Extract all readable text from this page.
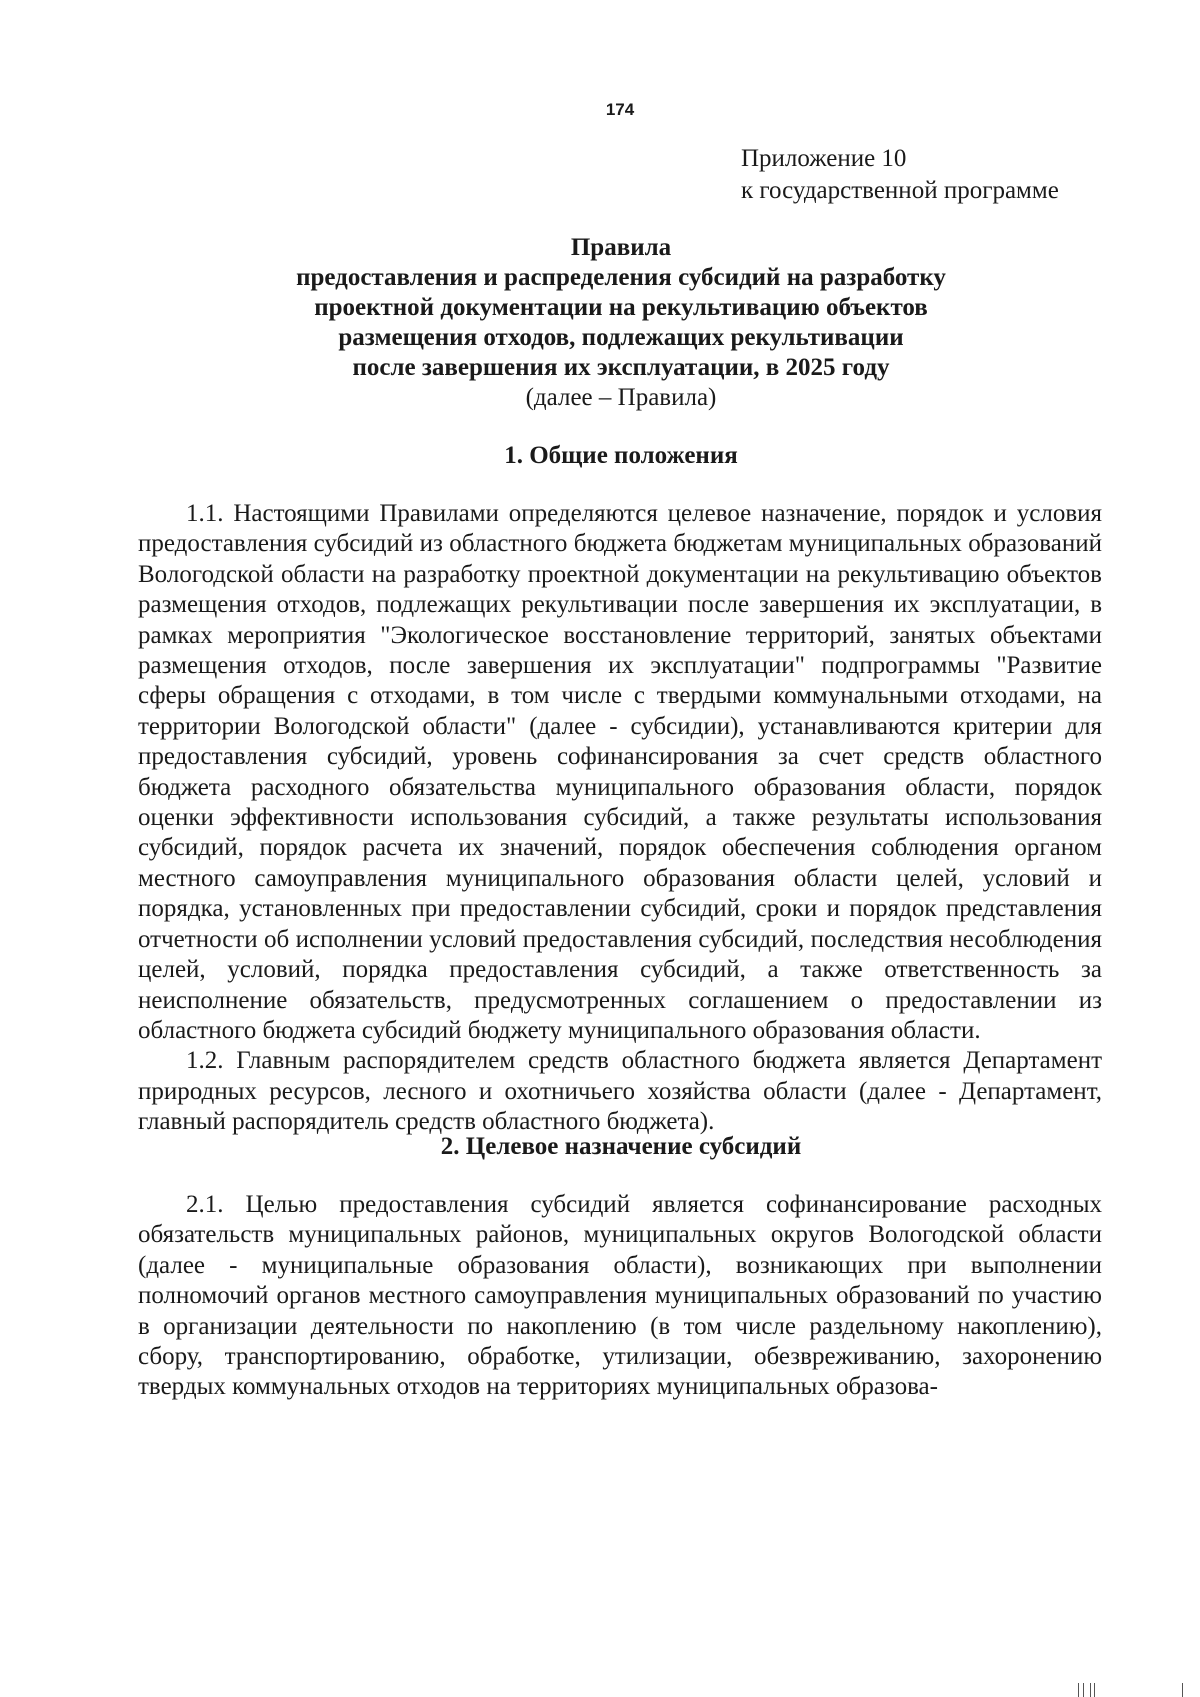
174
Приложение 10
к государственной программе
Правила
предоставления и распределения субсидий на разработку
проектной документации на рекультивацию объектов
размещения отходов, подлежащих рекультивации
после завершения их эксплуатации, в 2025 году
(далее – Правила)
1. Общие положения

1.1. Настоящими Правилами определяются целевое назначение, порядок и условия предоставления субсидий из областного бюджета бюджетам муниципальных образований Вологодской области на разработку проектной документации на рекультивацию объектов размещения отходов, подлежащих рекультивации после завершения их эксплуатации, в рамках мероприятия "Экологическое восстановление территорий, занятых объектами размещения отходов, после завершения их эксплуатации" подпрограммы "Развитие сферы обращения с отходами, в том числе с твердыми коммунальными отходами, на территории Вологодской области" (далее - субсидии), устанавливаются критерии для предоставления субсидий, уровень софинансирования за счет средств областного бюджета расходного обязательства муниципального образования области, порядок оценки эффективности использования субсидий, а также результаты использования субсидий, порядок расчета их значений, порядок обеспечения соблюдения органом местного самоуправления муниципального образования области целей, условий и порядка, установленных при предоставлении субсидий, сроки и порядок представления отчетности об исполнении условий предоставления субсидий, последствия несоблюдения целей, условий, порядка предоставления субсидий, а также ответственность за неисполнение обязательств, предусмотренных соглашением о предоставлении из областного бюджета субсидий бюджету муниципального образования области.

1.2. Главным распорядителем средств областного бюджета является Департамент природных ресурсов, лесного и охотничьего хозяйства области (далее - Департамент, главный распорядитель средств областного бюджета).

2. Целевое назначение субсидий

2.1. Целью предоставления субсидий является софинансирование расходных обязательств муниципальных районов, муниципальных округов Вологодской области (далее - муниципальные образования области), возникающих при выполнении полномочий органов местного самоуправления муниципальных образований по участию в организации деятельности по накоплению (в том числе раздельному накоплению), сбору, транспортированию, обработке, утилизации, обезвреживанию, захоронению твердых коммунальных отходов на территориях муниципальных образова-
